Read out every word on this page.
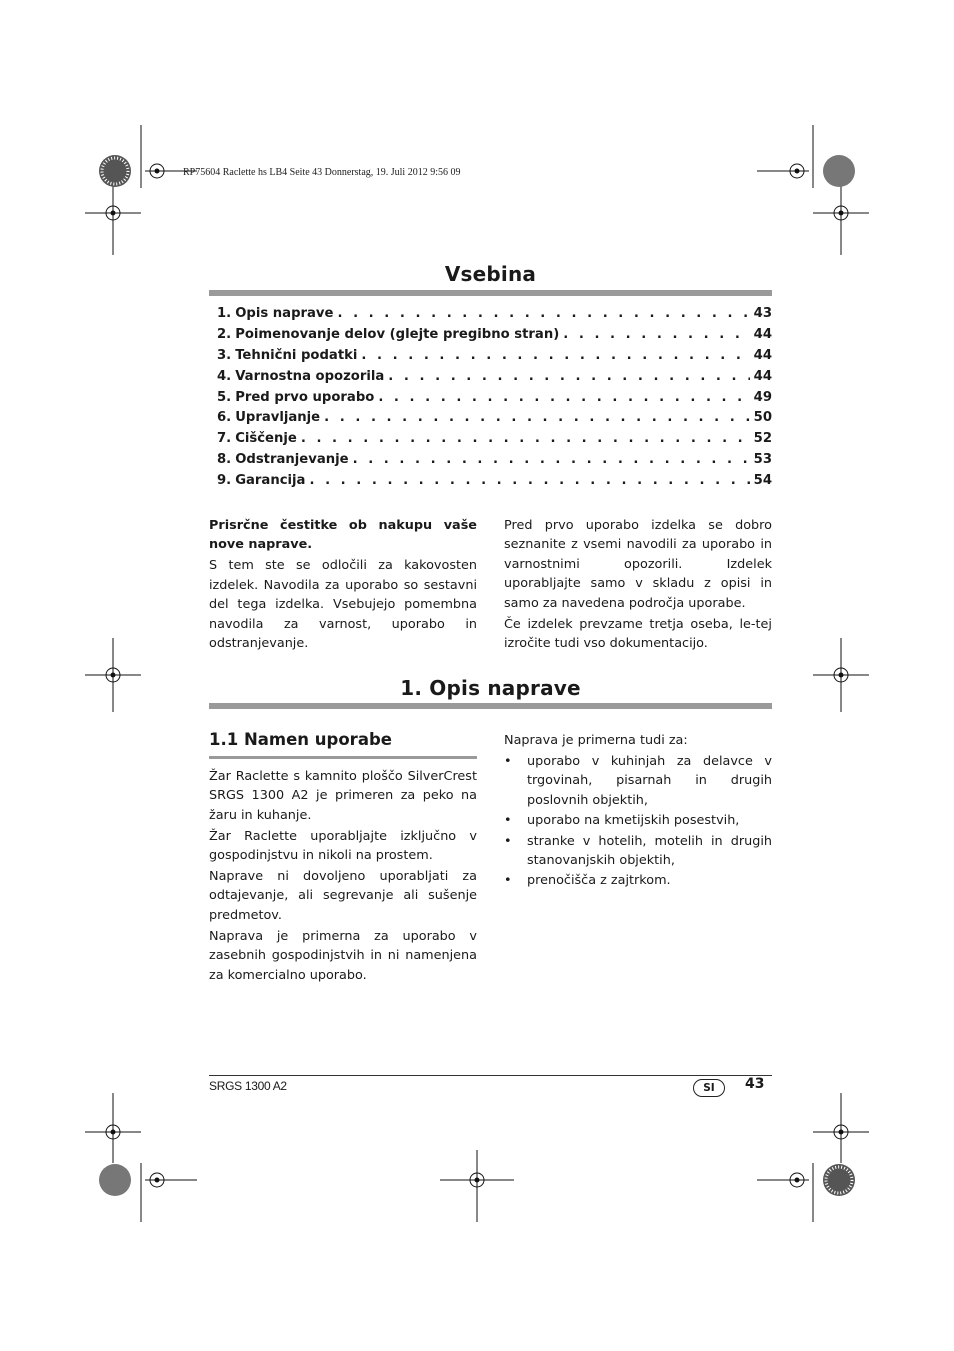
RP75604 Raclette hs LB4 Seite 43 Donnerstag, 19. Juli 2012 9:56 09
Vsebina
1. Opis naprave . . .	43
2. Poimenovanje delov (glejte pregibno stran) . . .	44
3. Tehnični podatki . . .	44
4. Varnostna opozorila . . .	44
5. Pred prvo uporabo . . .	49
6. Upravljanje . . .	50
7. Čiščenje . . .	52
8. Odstranjevanje . . .	53
9. Garancija . . .	54

Prisrčne čestitke ob nakupu vaše nove naprave.

S tem ste se odločili za kakovosten izdelek. Navodila za uporabo so sestavni del tega izdelka. Vsebujejo pomembna navodila za varnost, uporabo in odstranjevanje.

Pred prvo uporabo izdelka se dobro seznanite z vsemi navodili za uporabo in varnostnimi opozorili. Izdelek uporabljajte samo v skladu z opisi in samo za navedena področja uporabe.

Če izdelek prevzame tretja oseba, le-tej izročite tudi vso dokumentacijo.

1. Opis naprave
1.1 Namen uporabe

Žar Raclette s kamnito ploščo SilverCrest SRGS 1300 A2 je primeren za peko na žaru in kuhanje.

Žar Raclette uporabljajte izključno v gospodinjstvu in nikoli na prostem.

Naprave ni dovoljeno uporabljati za odtajevanje, ali segrevanje ali sušenje predmetov.

Naprava je primerna za uporabo v zasebnih gospodinjstvih in ni namenjena za komercialno uporabo.

Naprava je primerna tudi za:

• uporabo v kuhinjah za delavce v trgovinah, pisarnah in drugih poslovnih objektih,
• uporabo na kmetijskih posestvih,
• stranke v hotelih, motelih in drugih stanovanjskih objektih,
• prenočišča z zajtrkom.
SRGS 1300 A2	SI	43
